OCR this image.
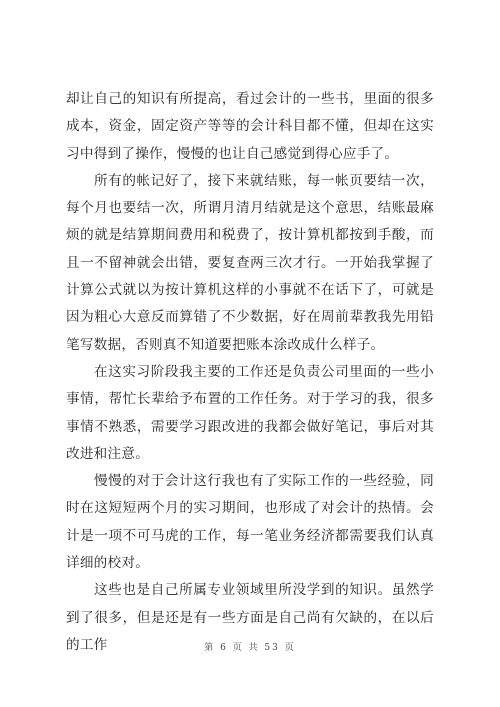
却让自己的知识有所提高，看过会计的一些书，里面的很多成本，资金，固定资产等等的会计科目都不懂，但却在这实习中得到了操作，慢慢的也让自己感觉到得心应手了。

所有的帐记好了，接下来就结账，每一帐页要结一次，每个月也要结一次，所谓月清月结就是这个意思，结账最麻烦的就是结算期间费用和税费了，按计算机都按到手酸，而且一不留神就会出错，要复查两三次才行。一开始我掌握了计算公式就以为按计算机这样的小事就不在话下了，可就是因为粗心大意反而算错了不少数据，好在周前辈教我先用铅笔写数据，否则真不知道要把账本涂改成什么样子。

在这实习阶段我主要的工作还是负责公司里面的一些小事情，帮忙长辈给予布置的工作任务。对于学习的我，很多事情不熟悉，需要学习跟改进的我都会做好笔记，事后对其改进和注意。

慢慢的对于会计这行我也有了实际工作的一些经验，同时在这短短两个月的实习期间，也形成了对会计的热情。会计是一项不可马虎的工作，每一笔业务经济都需要我们认真详细的校对。

这些也是自己所属专业领域里所没学到的知识。虽然学到了很多，但是还是有一些方面是自己尚有欠缺的，在以后的工作	第 6 页 共 53 页
